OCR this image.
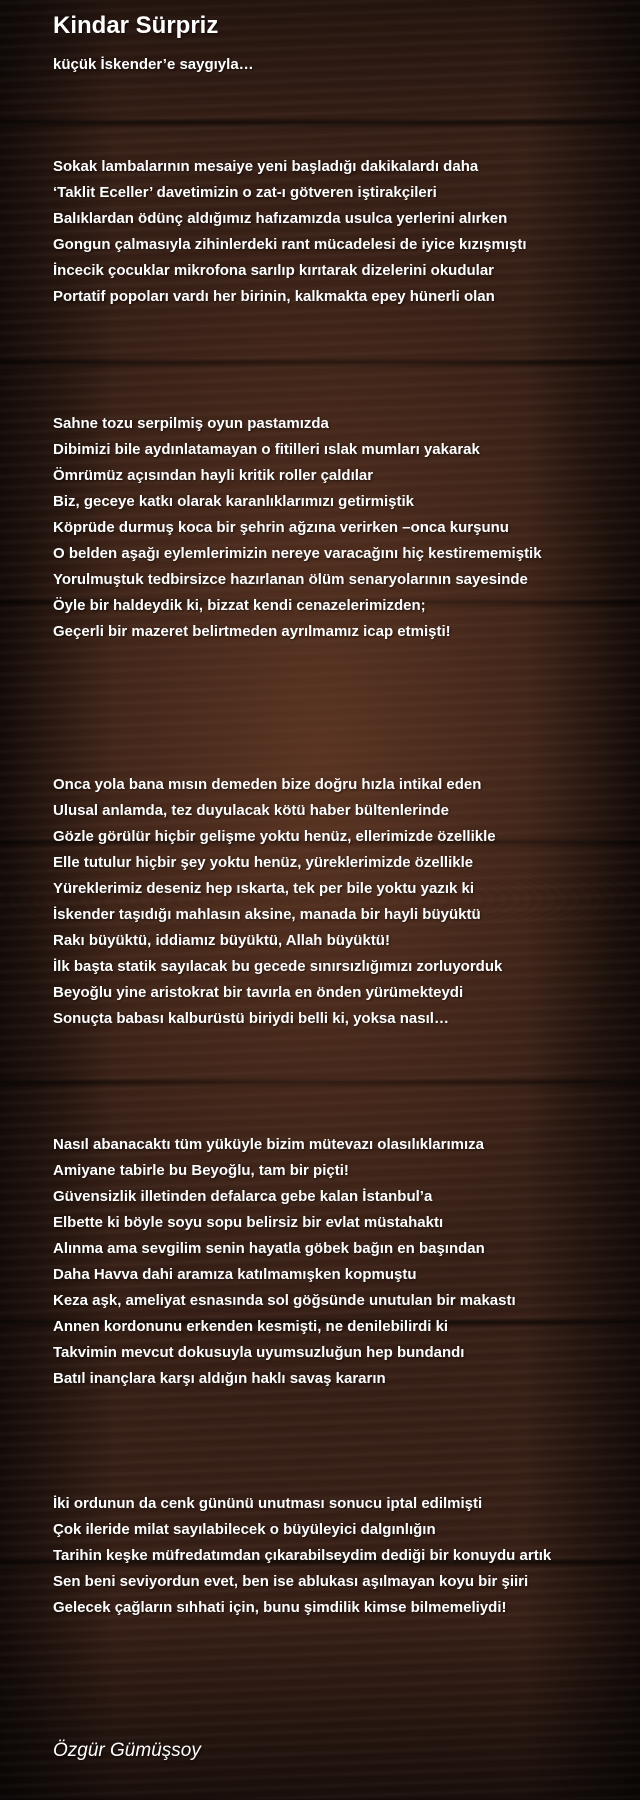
Kindar Sürpriz

küçük İskender’e saygıyla…

Sokak lambalarının mesaiye yeni başladığı dakikalardı daha
‘Taklit Eceller’ davetimizin o zat-ı götveren iştirakçileri
Balıklardan ödünç aldığımız hafızamızda usulca yerlerini alırken
Gongun çalmasıyla zihinlerdeki rant mücadelesi de iyice kızışmıştı
İncecik çocuklar mikrofona sarılıp kırıtarak dizelerini okudular
Portatif popoları vardı her birinin, kalkmakta epey hünerli olan
Sahne tozu serpilmiş oyun pastamızda
Dibimizi bile aydınlatamayan o fitilleri ıslak mumları yakarak
Ömrümüz açısından hayli kritik roller çaldılar
Biz, geceye katkı olarak karanlıklarımızı getirmiştik
Köprüde durmuş koca bir şehrin ağzına verirken –onca kurşunu
O belden aşağı eylemlerimizin nereye varacağını hiç kestirememiştik
Yorulmuştuk tedbirsizce hazırlanan ölüm senaryolarının sayesinde
Öyle bir haldeydik ki, bizzat kendi cenazelerimizden;
Geçerli bir mazeret belirtmeden ayrılmamız icap etmişti!
Onca yola bana mısın demeden bize doğru hızla intikal eden
Ulusal anlamda, tez duyulacak kötü haber bültenlerinde
Gözle görülür hiçbir gelişme yoktu henüz, ellerimizde özellikle
Elle tutulur hiçbir şey yoktu henüz, yüreklerimizde özellikle
Yüreklerimiz deseniz hep ıskarta, tek per bile yoktu yazık ki
İskender taşıdığı mahlasın aksine, manada bir hayli büyüktü
Rakı büyüktü, iddiamız büyüktü, Allah büyüktü!
İlk başta statik sayılacak bu gecede sınırsızlığımızı zorluyorduk
Beyoğlu yine aristokrat bir tavırla en önden yürümekteydi
Sonuçta babası kalburüstü biriydi belli ki, yoksa nasıl…
Nasıl abanacaktı tüm yüküyle bizim mütevazı olasılıklarımıza
Amiyane tabirle bu Beyoğlu, tam bir piçti!
Güvensizlik illetinden defalarca gebe kalan İstanbul’a
Elbette ki böyle soyu sopu belirsiz bir evlat müstahaktı
Alınma ama sevgilim senin hayatla göbek bağın en başından
Daha Havva dahi aramıza katılmamışken kopmuştu
Keza aşk, ameliyat esnasında sol göğsünde unutulan bir makastı
Annen kordonunu erkenden kesmişti, ne denilebilirdi ki
Takvimin mevcut dokusuyla uyumsuzluğun hep bundandı
Batıl inançlara karşı aldığın haklı savaş kararın
İki ordunun da cenk gününü unutması sonucu iptal edilmişti
Çok ileride milat sayılabilecek o büyüleyici dalgınlığın
Tarihin keşke müfredatımdan çıkarabilseydim dediği bir konuydu artık
Sen beni seviyordun evet, ben ise ablukası aşılmayan koyu bir şiiri
Gelecek çağların sıhhati için, bunu şimdilik kimse bilmemeliydi!

Özgür Gümüşsoy
